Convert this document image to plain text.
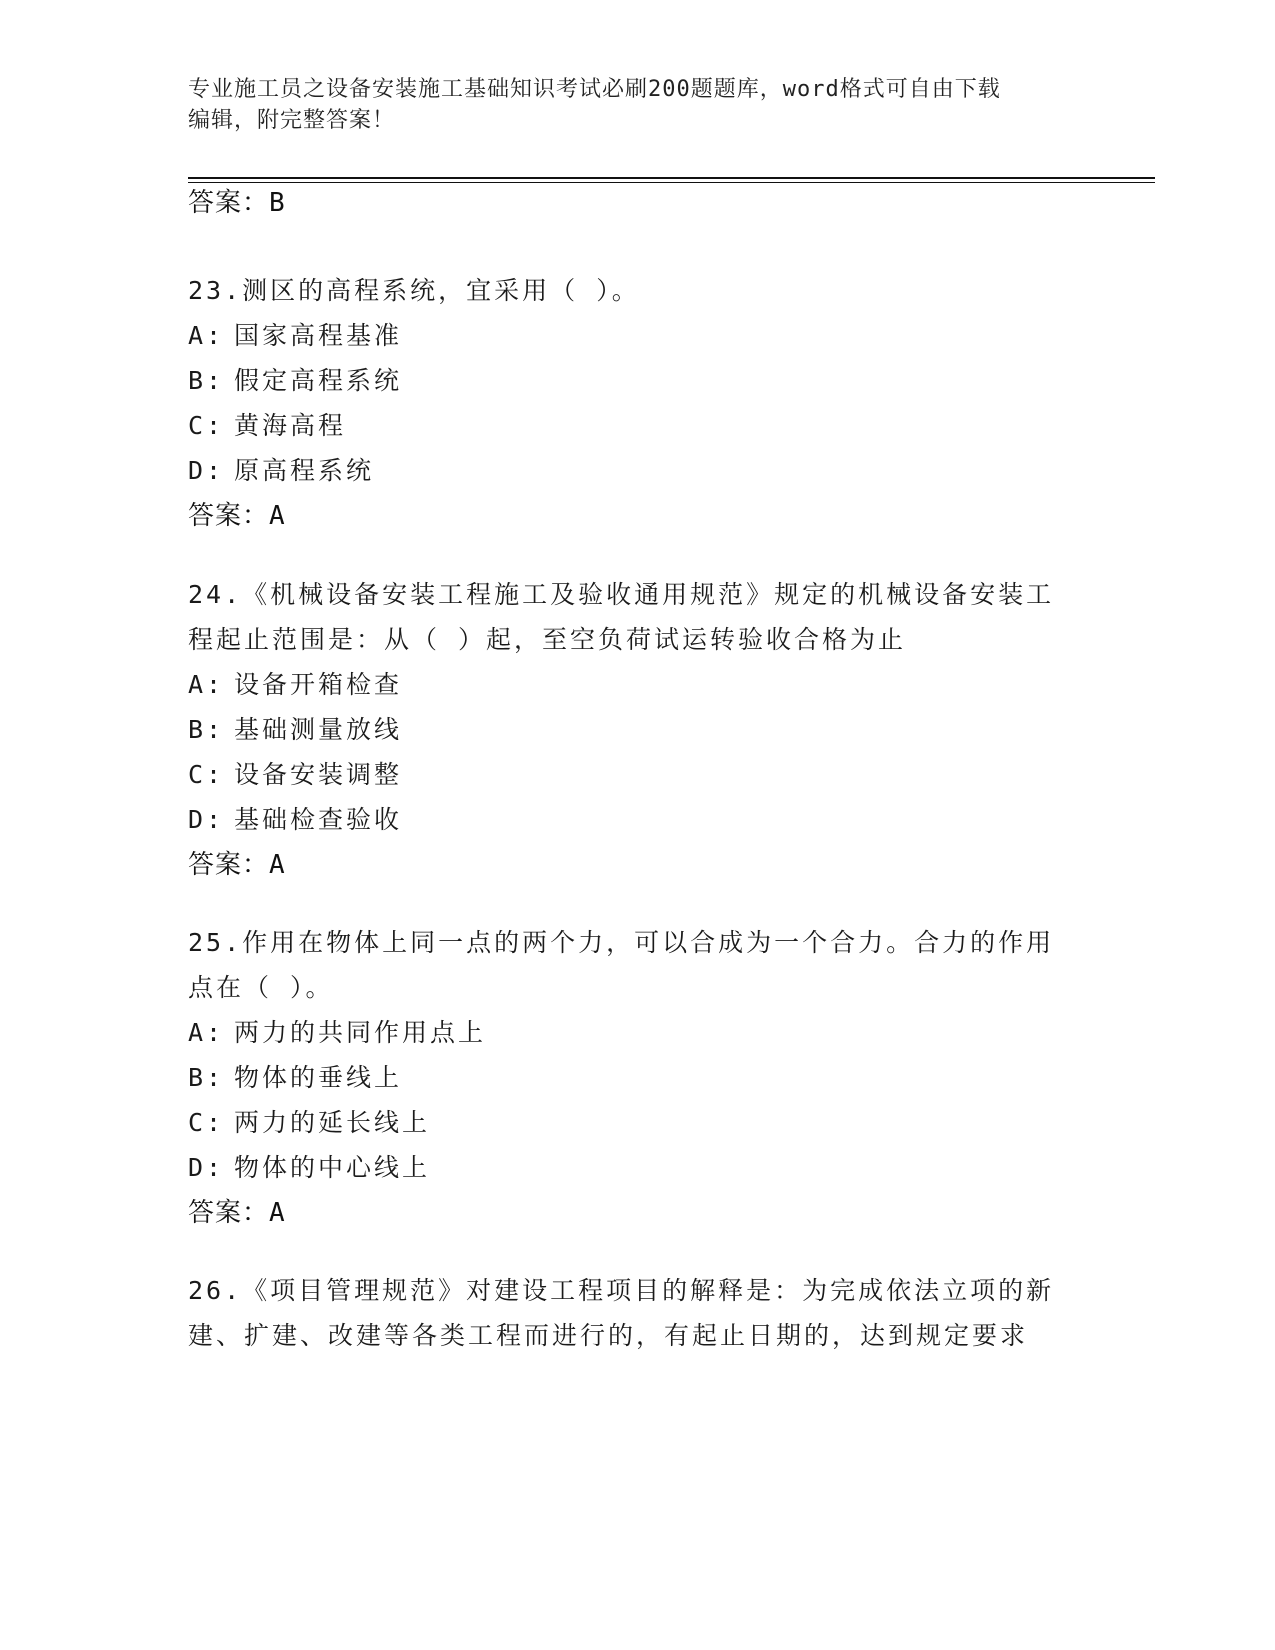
专业施工员之设备安装施工基础知识考试必刷200题题库，word格式可自由下载
编辑，附完整答案！
答案：B
23.测区的高程系统，宜采用（ ）。
A: 国家高程基准
B: 假定高程系统
C: 黄海高程
D: 原高程系统
答案：A
24.《机械设备安装工程施工及验收通用规范》规定的机械设备安装工
程起止范围是：从（ ）起，至空负荷试运转验收合格为止
A: 设备开箱检查
B: 基础测量放线
C: 设备安装调整
D: 基础检查验收
答案：A
25.作用在物体上同一点的两个力，可以合成为一个合力。合力的作用
点在（ ）。
A: 两力的共同作用点上
B: 物体的垂线上
C: 两力的延长线上
D: 物体的中心线上
答案：A
26.《项目管理规范》对建设工程项目的解释是：为完成依法立项的新
建、扩建、改建等各类工程而进行的，有起止日期的，达到规定要求
